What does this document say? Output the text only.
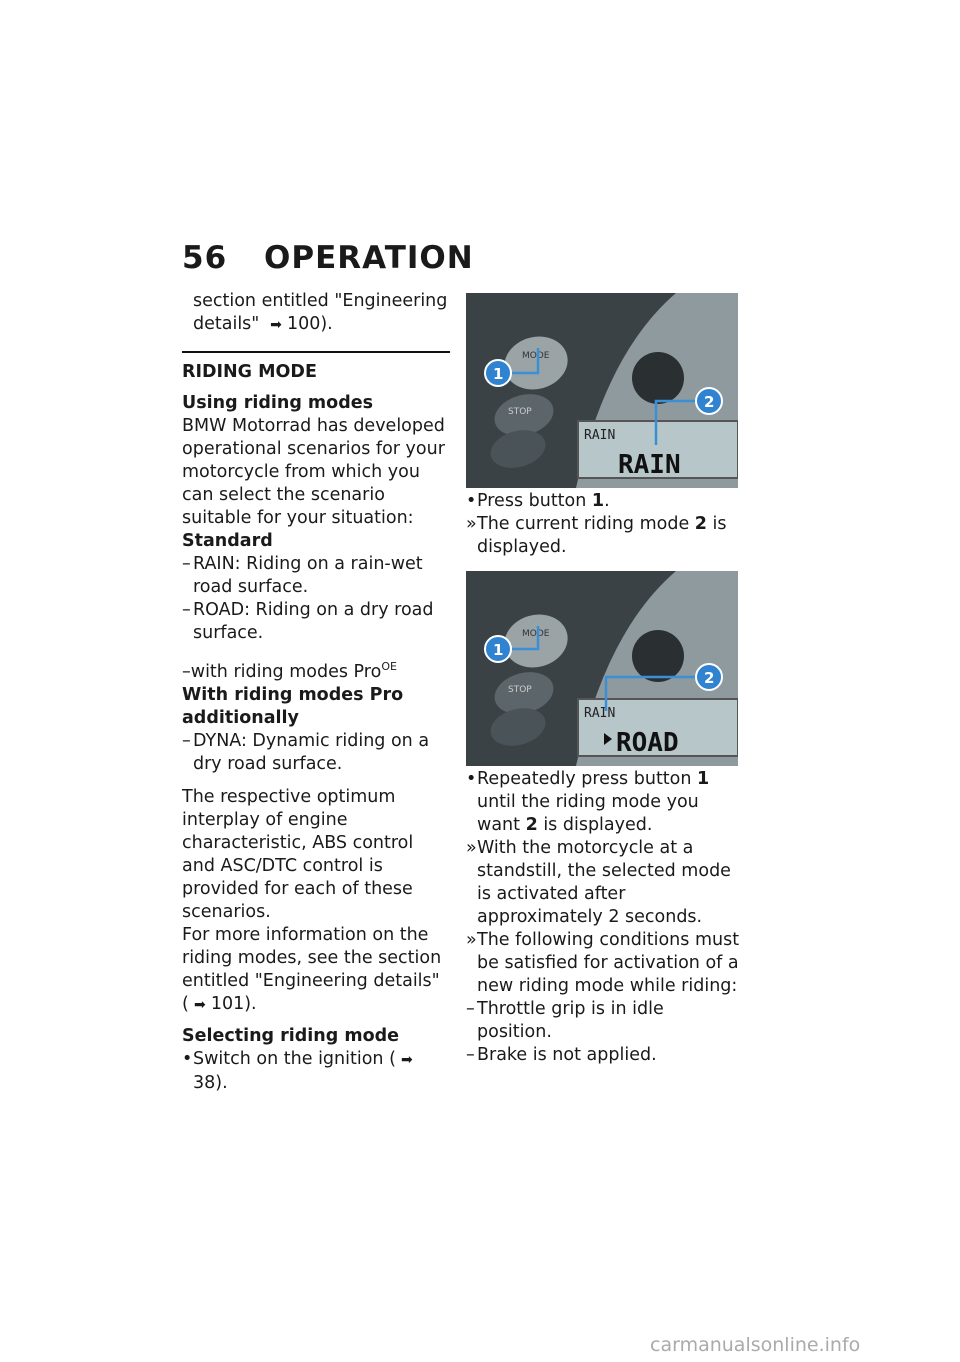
56 OPERATION

section entitled "Engineering details" ➡ 100).

RIDING MODE
Using riding modes

BMW Motorrad has developed operational scenarios for your motorcycle from which you can select the scenario suitable for your situation:

Standard

– RAIN: Riding on a rain-wet road surface.
– ROAD: Riding on a dry road surface.

–with riding modes Pro$^{OE}$

With riding modes Pro additionally

– DYNA: Dynamic riding on a dry road surface.

The respective optimum interplay of engine characteristic, ABS control and ASC/DTC control is provided for each of these scenarios.

For more information on the riding modes, see the section entitled "Engineering details" ( ➡ 101).

Selecting riding mode
• Switch on the ignition ( ➡38).
MODE
STOP
RAIN
RAIN
1
2
MODE
STOP
RAIN
ROAD
1
2
• Press button 1.
» The current riding mode 2 is displayed.
• Repeatedly press button 1 until the riding mode you want 2 is displayed.
» With the motorcycle at a standstill, the selected mode is activated after approximately 2 seconds.
» The following conditions must be satisfied for activation of a new riding mode while riding:
– Throttle grip is in idle position.
– Brake is not applied.
carmanualsonline.info
